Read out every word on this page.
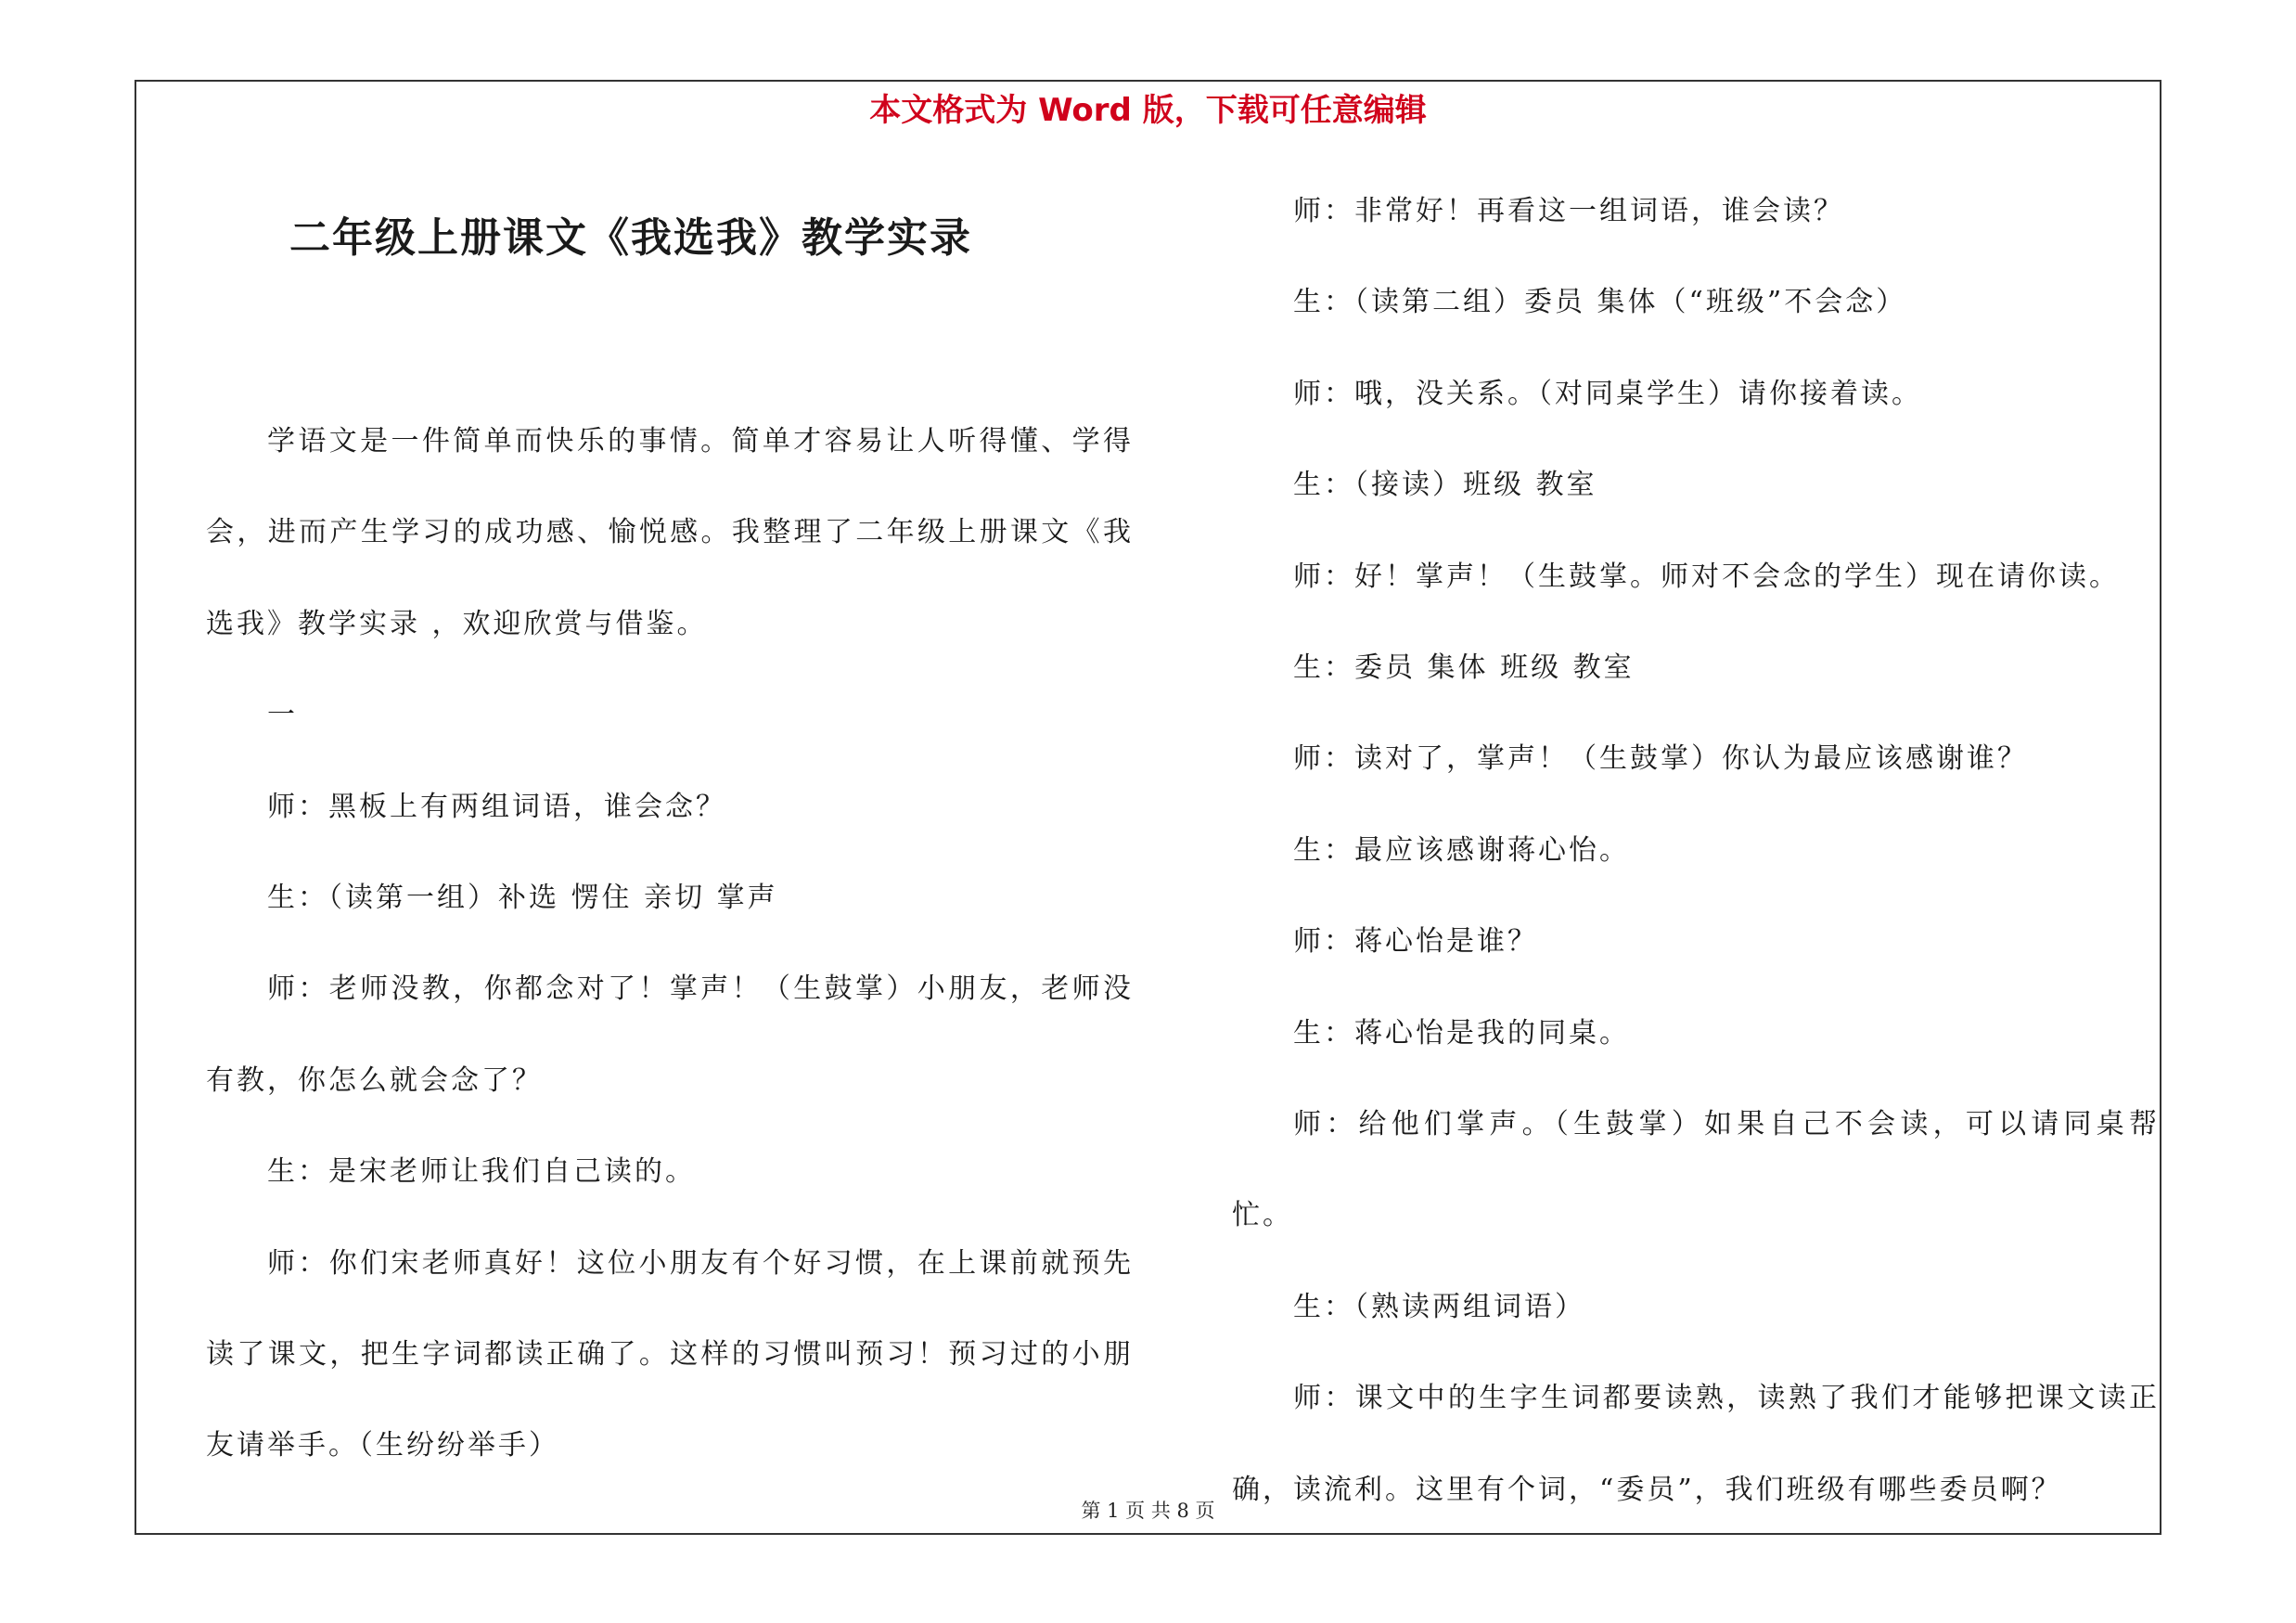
本文格式为 Word 版，下载可任意编辑
二年级上册课文《我选我》教学实录

学语文是一件简单而快乐的事情。简单才容易让人听得懂、学得会，进而产生学习的成功感、愉悦感。我整理了二年级上册课文《我选我》教学实录 ，欢迎欣赏与借鉴。

一

师：黑板上有两组词语，谁会念？

生：（读第一组）补选 愣住 亲切 掌声

师：老师没教，你都念对了！掌声！（生鼓掌）小朋友，老师没有教，你怎么就会念了？

生：是宋老师让我们自己读的。

师：你们宋老师真好！这位小朋友有个好习惯，在上课前就预先读了课文，把生字词都读正确了。这样的习惯叫预习！预习过的小朋友请举手。（生纷纷举手）

师：非常好！再看这一组词语，谁会读？

生：（读第二组）委员 集体（“班级”不会念）

师：哦，没关系。（对同桌学生）请你接着读。

生：（接读）班级 教室

师：好！掌声！（生鼓掌。师对不会念的学生）现在请你读。

生：委员 集体 班级 教室

师：读对了，掌声！（生鼓掌）你认为最应该感谢谁？

生：最应该感谢蒋心怡。

师：蒋心怡是谁？

生：蒋心怡是我的同桌。

师：给他们掌声。（生鼓掌）如果自己不会读，可以请同桌帮忙。

生：（熟读两组词语）

师：课文中的生字生词都要读熟，读熟了我们才能够把课文读正确，读流利。这里有个词，“委员”，我们班级有哪些委员啊？

第 1 页 共 8 页
